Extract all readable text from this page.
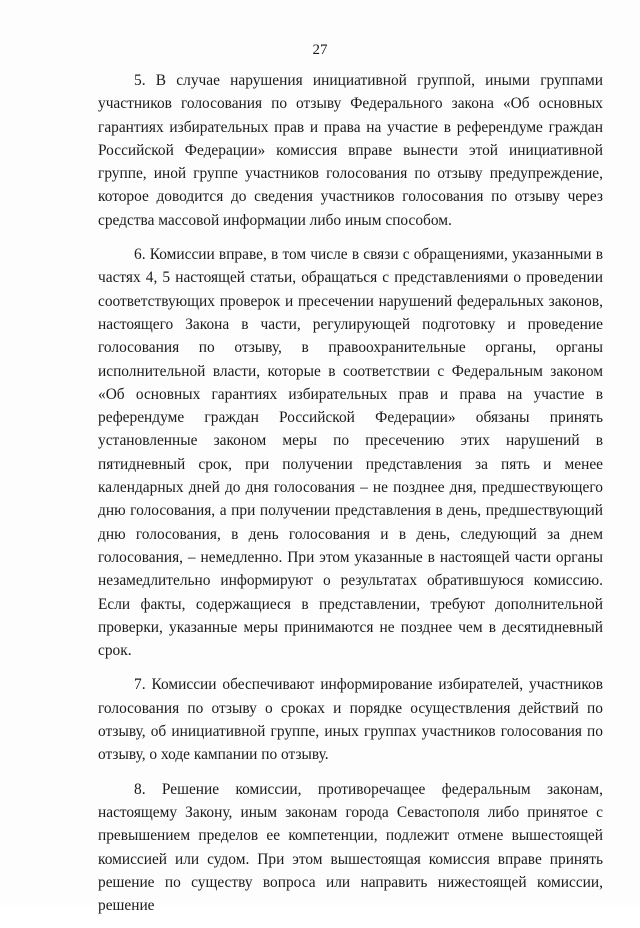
27

5. В случае нарушения инициативной группой, иными группами участников голосования по отзыву Федерального закона «Об основных гарантиях избирательных прав и права на участие в референдуме граждан Российской Федерации» комиссия вправе вынести этой инициативной группе, иной группе участников голосования по отзыву предупреждение, которое доводится до сведения участников голосования по отзыву через средства массовой информации либо иным способом.

6. Комиссии вправе, в том числе в связи с обращениями, указанными в частях 4, 5 настоящей статьи, обращаться с представлениями о проведении соответствующих проверок и пресечении нарушений федеральных законов, настоящего Закона в части, регулирующей подготовку и проведение голосования по отзыву, в правоохранительные органы, органы исполнительной власти, которые в соответствии с Федеральным законом «Об основных гарантиях избирательных прав и права на участие в референдуме граждан Российской Федерации» обязаны принять установленные законом меры по пресечению этих нарушений в пятидневный срок, при получении представления за пять и менее календарных дней до дня голосования – не позднее дня, предшествующего дню голосования, а при получении представления в день, предшествующий дню голосования, в день голосования и в день, следующий за днем голосования, – немедленно. При этом указанные в настоящей части органы незамедлительно информируют о результатах обратившуюся комиссию. Если факты, содержащиеся в представлении, требуют дополнительной проверки, указанные меры принимаются не позднее чем в десятидневный срок.

7. Комиссии обеспечивают информирование избирателей, участников голосования по отзыву о сроках и порядке осуществления действий по отзыву, об инициативной группе, иных группах участников голосования по отзыву, о ходе кампании по отзыву.

8. Решение комиссии, противоречащее федеральным законам, настоящему Закону, иным законам города Севастополя либо принятое с превышением пределов ее компетенции, подлежит отмене вышестоящей комиссией или судом. При этом вышестоящая комиссия вправе принять решение по существу вопроса или направить нижестоящей комиссии, решение
